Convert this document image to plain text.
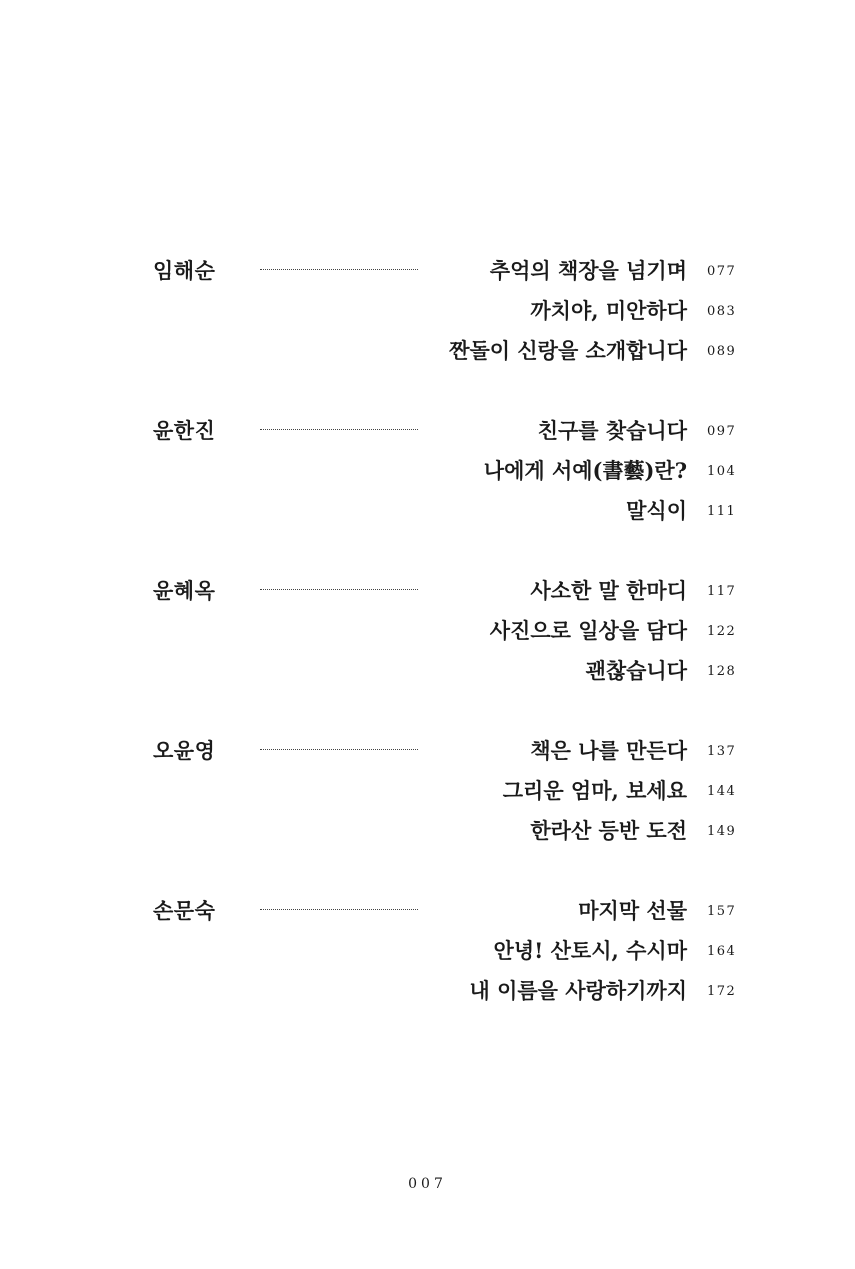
임해순	추억의 책장을 넘기며 077
까치야, 미안하다 083
짠돌이 신랑을 소개합니다 089
윤한진	친구를 찾습니다 097
나에게 서예(書藝)란? 104
말식이 111
윤혜옥	사소한 말 한마디 117
사진으로 일상을 담다 122
괜찮습니다 128
오윤영	책은 나를 만든다 137
그리운 엄마, 보세요 144
한라산 등반 도전 149
손문숙	마지막 선물 157
안녕! 산토시, 수시마 164
내 이름을 사랑하기까지 172
007
